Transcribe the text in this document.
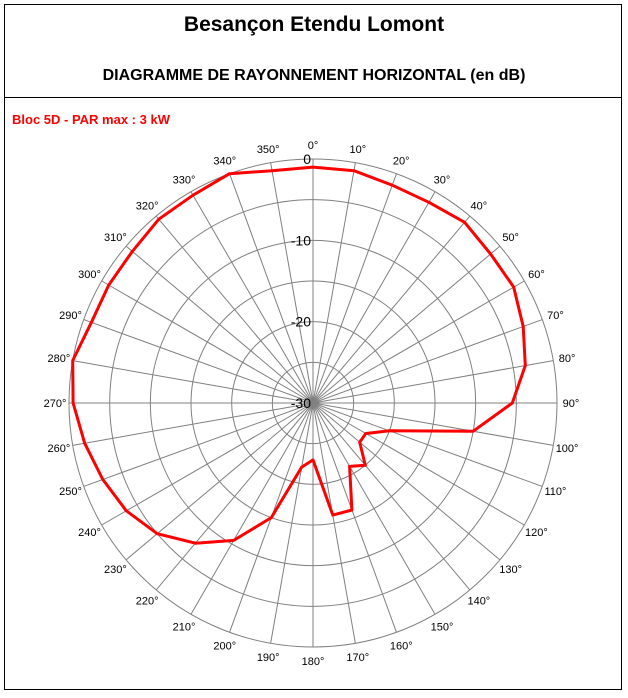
Besançon Etendu Lomont
DIAGRAMME DE RAYONNEMENT HORIZONTAL (en dB)
Bloc 5D - PAR max : 3 kW
0°	10°
20°
30°
40°
50°
60°
70°
80°
90°
100°
110°
120°
130°
140°
150°
160°
170°
180°
190°
200°
210°
220°
230°
240°
250°
260°
270°
280°
290°
300°
310°
320°
330°
340°
350°
0
-10
-20
-30
